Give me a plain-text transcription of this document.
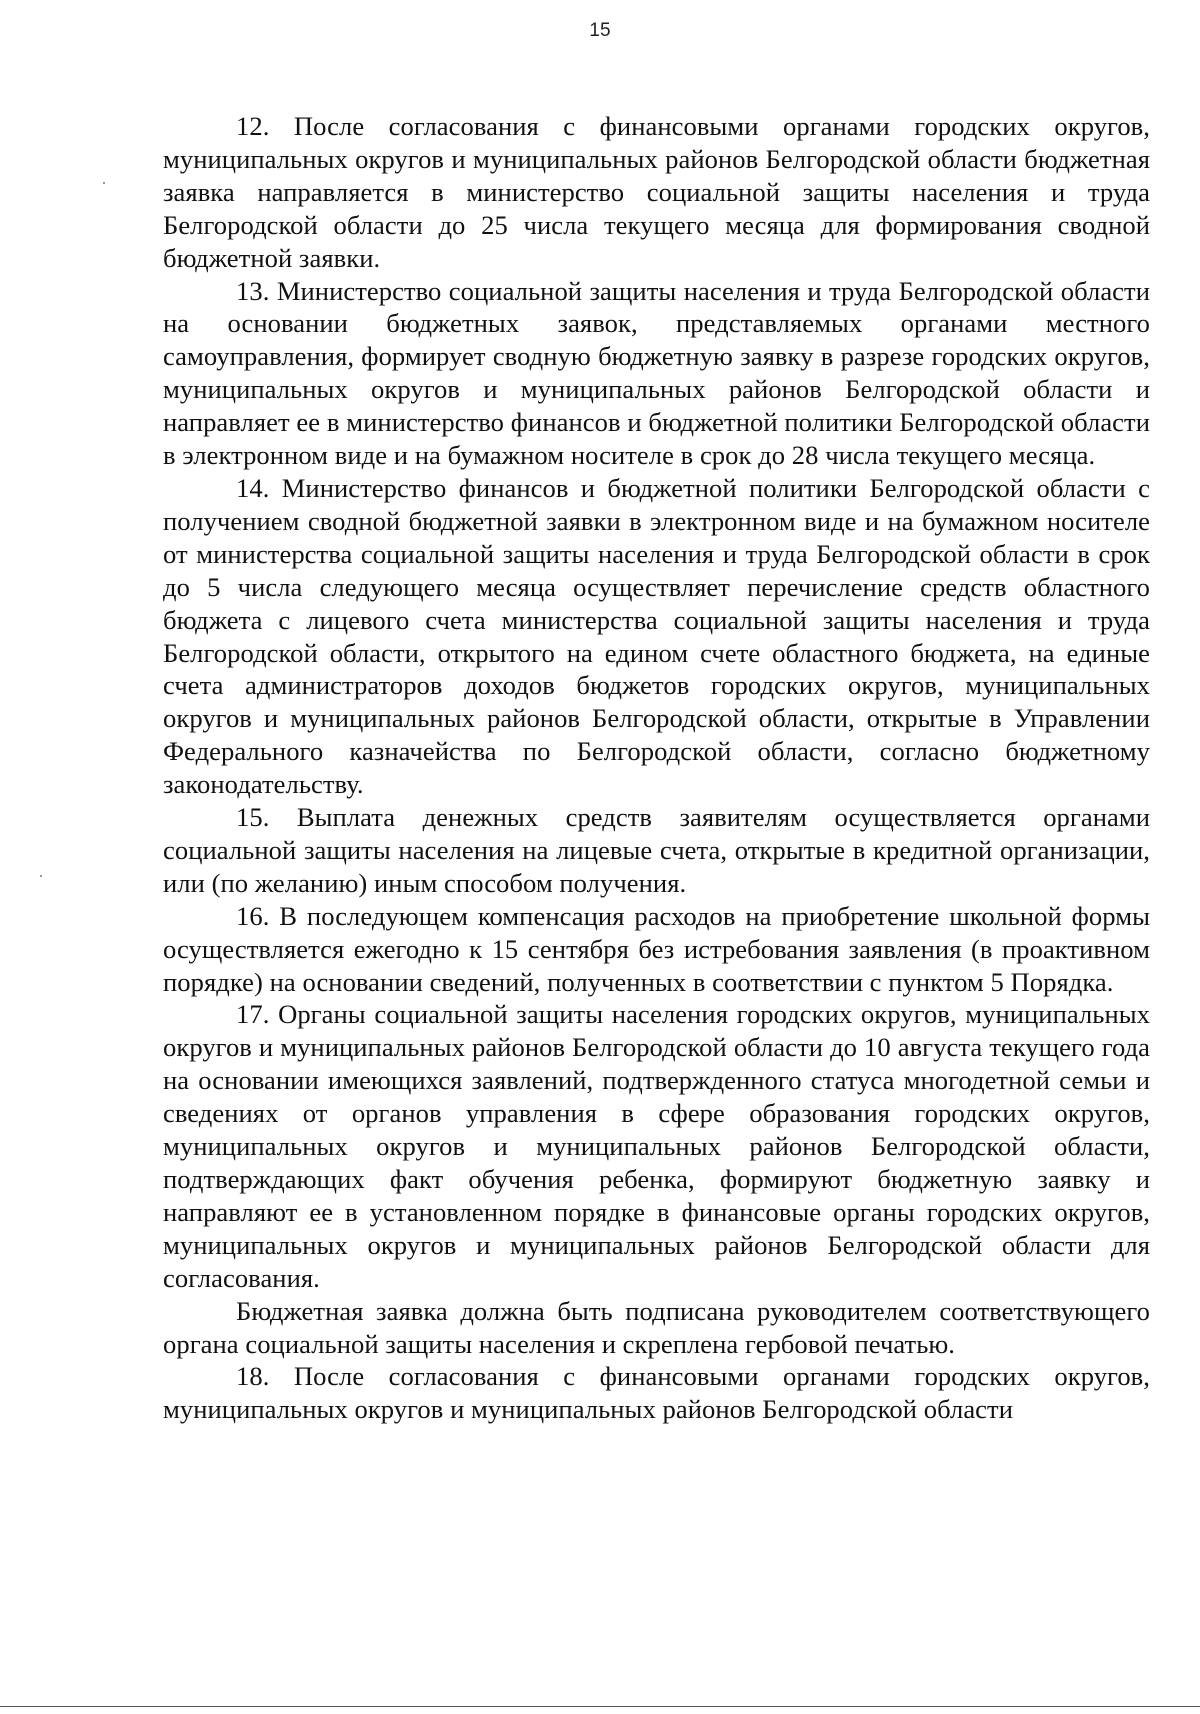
15

12. После согласования с финансовыми органами городских округов, муниципальных округов и муниципальных районов Белгородской области бюджетная заявка направляется в министерство социальной защиты населения и труда Белгородской области до 25 числа текущего месяца для формирования сводной бюджетной заявки.

13. Министерство социальной защиты населения и труда Белгородской области на основании бюджетных заявок, представляемых органами местного самоуправления, формирует сводную бюджетную заявку в разрезе городских округов, муниципальных округов и муниципальных районов Белгородской области и направляет ее в министерство финансов и бюджетной политики Белгородской области в электронном виде и на бумажном носителе в срок до 28 числа текущего месяца.

14. Министерство финансов и бюджетной политики Белгородской области с получением сводной бюджетной заявки в электронном виде и на бумажном носителе от министерства социальной защиты населения и труда Белгородской области в срок до 5 числа следующего месяца осуществляет перечисление средств областного бюджета с лицевого счета министерства социальной защиты населения и труда Белгородской области, открытого на едином счете областного бюджета, на единые счета администраторов доходов бюджетов городских округов, муниципальных округов и муниципальных районов Белгородской области, открытые в Управлении Федерального казначейства по Белгородской области, согласно бюджетному законодательству.

15. Выплата денежных средств заявителям осуществляется органами социальной защиты населения на лицевые счета, открытые в кредитной организации, или (по желанию) иным способом получения.

16. В последующем компенсация расходов на приобретение школьной формы осуществляется ежегодно к 15 сентября без истребования заявления (в проактивном порядке) на основании сведений, полученных в соответствии с пунктом 5 Порядка.

17. Органы социальной защиты населения городских округов, муниципальных округов и муниципальных районов Белгородской области до 10 августа текущего года на основании имеющихся заявлений, подтвержденного статуса многодетной семьи и сведениях от органов управления в сфере образования городских округов, муниципальных округов и муниципальных районов Белгородской области, подтверждающих факт обучения ребенка, формируют бюджетную заявку и направляют ее в установленном порядке в финансовые органы городских округов, муниципальных округов и муниципальных районов Белгородской области для согласования.

Бюджетная заявка должна быть подписана руководителем соответствующего органа социальной защиты населения и скреплена гербовой печатью.

18. После согласования с финансовыми органами городских округов, муниципальных округов и муниципальных районов Белгородской области
